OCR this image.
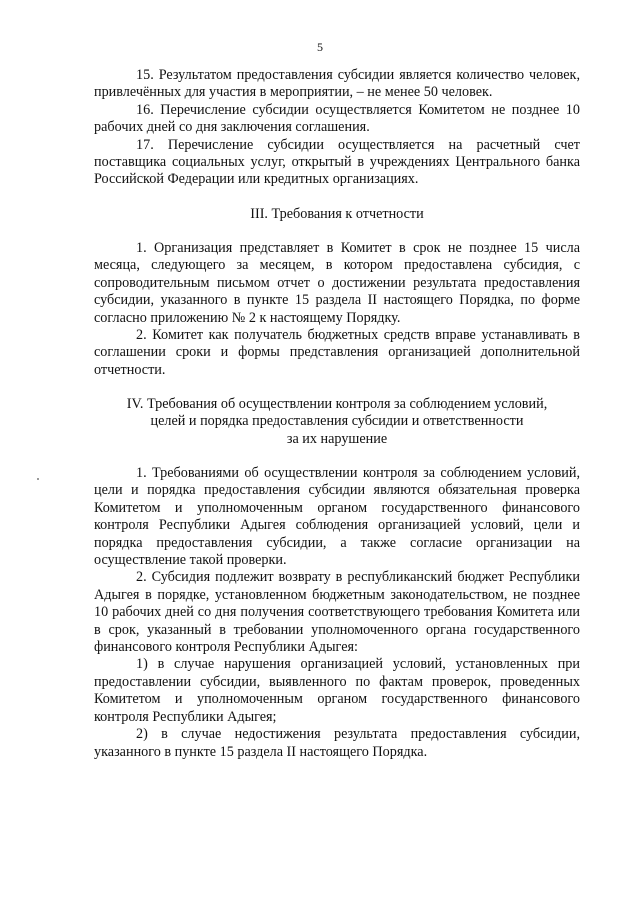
5

15. Результатом предоставления субсидии является количество человек, привлечённых для участия в мероприятии, – не менее 50 человек.

16. Перечисление субсидии осуществляется Комитетом не позднее 10 рабочих дней со дня заключения соглашения.

17. Перечисление субсидии осуществляется на расчетный счет поставщика социальных услуг, открытый в учреждениях Центрального банка Российской Федерации или кредитных организациях.

III. Требования к отчетности

1. Организация представляет в Комитет в срок не позднее 15 числа месяца, следующего за месяцем, в котором предоставлена субсидия, с сопроводительным письмом отчет о достижении результата предоставления субсидии, указанного в пункте 15 раздела II настоящего Порядка, по форме согласно приложению № 2 к настоящему Порядку.

2. Комитет как получатель бюджетных средств вправе устанавливать в соглашении сроки и формы представления организацией дополнительной отчетности.

IV. Требования об осуществлении контроля за соблюдением условий,

целей и порядка предоставления субсидии и ответственности

за их нарушение

1. Требованиями об осуществлении контроля за соблюдением условий, цели и порядка предоставления субсидии являются обязательная проверка Комитетом и уполномоченным органом государственного финансового контроля Республики Адыгея соблюдения организацией условий, цели и порядка предоставления субсидии, а также согласие организации на осуществление такой проверки.

2. Субсидия подлежит возврату в республиканский бюджет Республики Адыгея в порядке, установленном бюджетным законодательством, не позднее 10 рабочих дней со дня получения соответствующего требования Комитета или в срок, указанный в требовании уполномоченного органа государственного финансового контроля Республики Адыгея:

1) в случае нарушения организацией условий, установленных при предоставлении субсидии, выявленного по фактам проверок, проведенных Комитетом и уполномоченным органом государственного финансового контроля Республики Адыгея;

2) в случае недостижения результата предоставления субсидии, указанного в пункте 15 раздела II настоящего Порядка.
